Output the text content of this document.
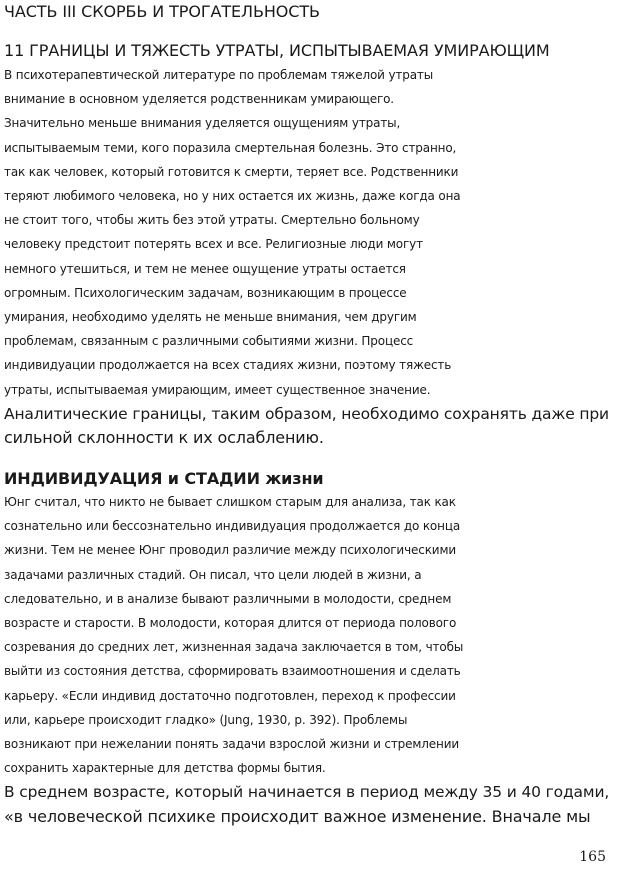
ЧАСТЬ III СКОРБЬ И ТРОГАТЕЛЬНОСТЬ
11 ГРАНИЦЫ И ТЯЖЕСТЬ УТРАТЫ, ИСПЫТЫВАЕМАЯ УМИРАЮЩИМ
В психотерапевтической литературе по проблемам тяжелой утраты
внимание в основном уделяется родственникам умирающего.
Значительно меньше внимания уделяется ощущениям утраты,
испытываемым теми, кого поразила смертельная болезнь. Это странно,
так как человек, который готовится к смерти, теряет все. Родственники
теряют любимого человека, но у них остается их жизнь, даже когда она
не стоит того, чтобы жить без этой утраты. Смертельно больному
человеку предстоит потерять всех и все. Религиозные люди могут
немного утешиться, и тем не менее ощущение утраты остается
огромным. Психологическим задачам, возникающим в процессе
умирания, необходимо уделять не меньше внимания, чем другим
проблемам, связанным с различными событиями жизни. Процесс
индивидуации продолжается на всех стадиях жизни, поэтому тяжесть
утраты, испытываемая умирающим, имеет существенное значение.
Аналитические границы, таким образом, необходимо сохранять даже при
сильной склонности к их ослаблению.
ИНДИВИДУАЦИЯ и СТАДИИ жизни
Юнг считал, что никто не бывает слишком старым для анализа, так как
сознательно или бессознательно индивидуация продолжается до конца
жизни. Тем не менее Юнг проводил различие между психологическими
задачами различных стадий. Он писал, что цели людей в жизни, а
следовательно, и в анализе бывают различными в молодости, среднем
возрасте и старости. В молодости, которая длится от периода полового
созревания до средних лет, жизненная задача заключается в том, чтобы
выйти из состояния детства, сформировать взаимоотношения и сделать
карьеру. «Если индивид достаточно подготовлен, переход к профессии
или, карьере происходит гладко» (Jung, 1930, р. 392). Проблемы
возникают при нежелании понять задачи взрослой жизни и стремлении
сохранить характерные для детства формы бытия.
В среднем возрасте, который начинается в период между 35 и 40 годами,
«в человеческой психике происходит важное изменение. Вначале мы
165
